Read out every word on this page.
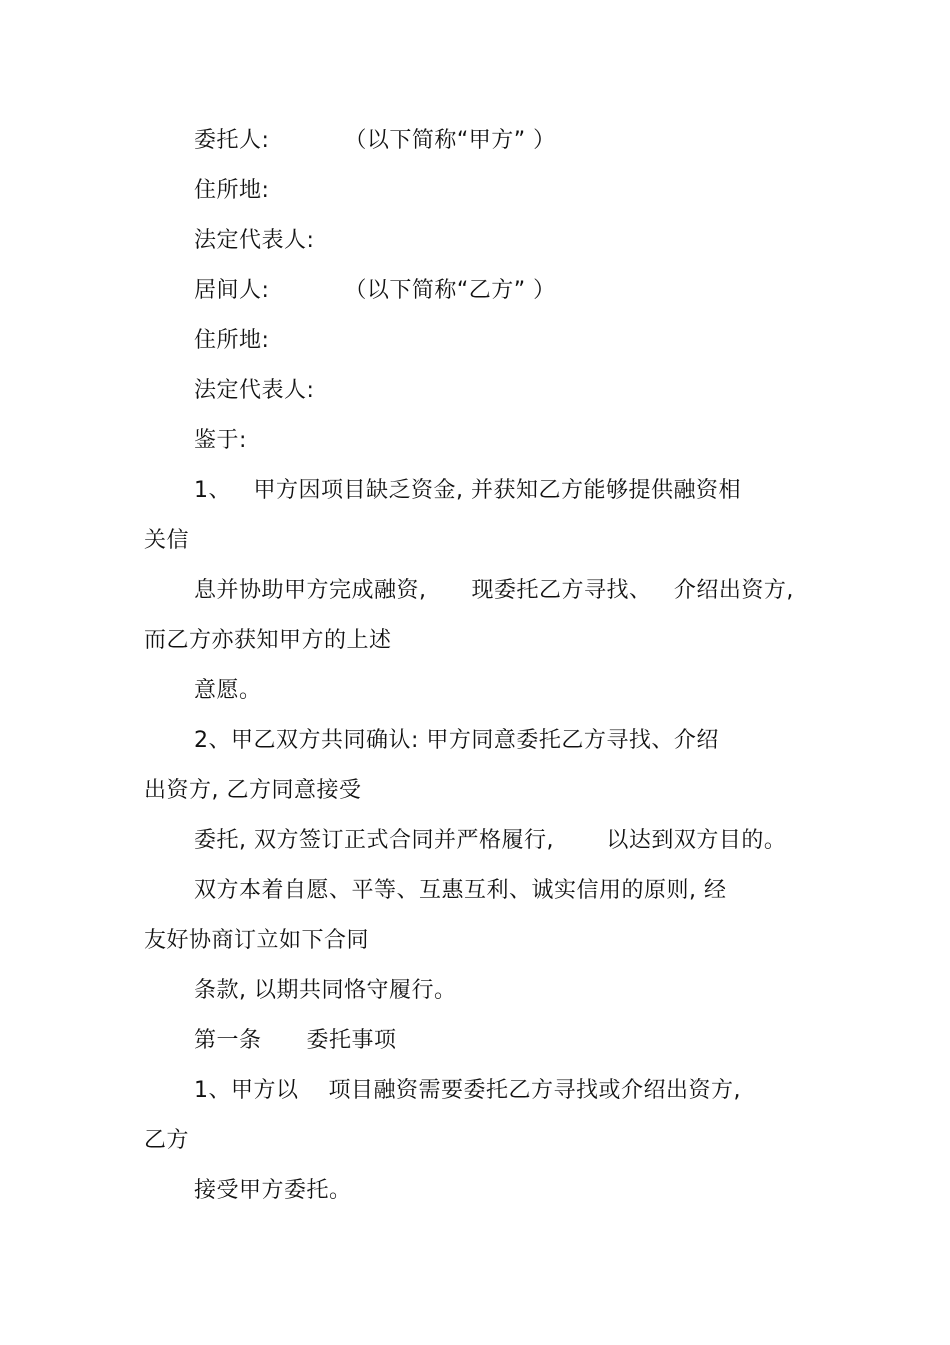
委托人:          （以下简称“甲方” ）
住所地:
法定代表人:
居间人:          （以下简称“乙方” ）
住所地:
法定代表人:
鉴于:
1、   甲方因项目缺乏资金, 并获知乙方能够提供融资相
关信
息并协助甲方完成融资,      现委托乙方寻找、   介绍出资方,
而乙方亦获知甲方的上述
意愿。
2、甲乙双方共同确认: 甲方同意委托乙方寻找、介绍
出资方, 乙方同意接受
委托, 双方签订正式合同并严格履行,       以达到双方目的。
双方本着自愿、平等、互惠互利、诚实信用的原则, 经
友好协商订立如下合同
条款, 以期共同恪守履行。
第一条      委托事项
1、甲方以    项目融资需要委托乙方寻找或介绍出资方,
乙方
接受甲方委托。
